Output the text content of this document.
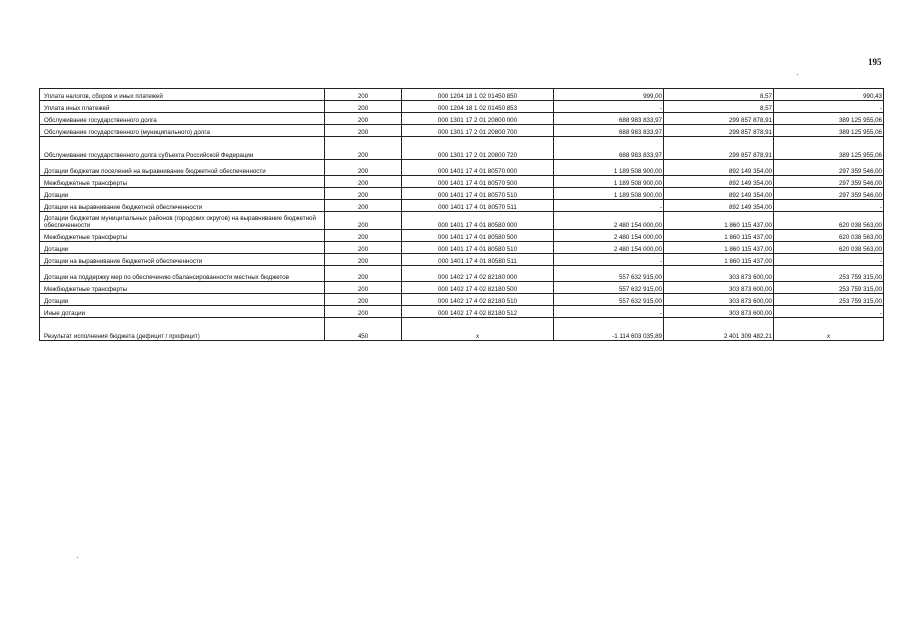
195
Уплата налогов, сборов и иных платежей	200	000 1204 18 1 02 01450 850	999,00	8,57	990,43
Уплата иных платежей	200	000 1204 18 1 02 01450 853	-	8,57	-
Обслуживание государственного долга	200	000 1301 17 2 01 20800 000	688 983 833,97	299 857 878,91	389 125 955,06
Обслуживание государственного (муниципального) долга	200	000 1301 17 2 01 20800 700	688 983 833,97	299 857 878,91	389 125 955,06
Обслуживание государственного долга субъекта Российской Федерации	200	000 1301 17 2 01 20800 720	688 983 833,97	299 857 878,91	389 125 955,06
Дотации бюджетам поселений на выравнивание бюджетной обеспеченности	200	000 1401 17 4 01 80570 000	1 189 508 900,00	892 149 354,00	297 359 546,00
Межбюджетные трансферты	200	000 1401 17 4 01 80570 500	1 189 508 900,00	892 149 354,00	297 359 546,00
Дотации	200	000 1401 17 4 01 80570 510	1 189 508 900,00	892 149 354,00	297 359 546,00
Дотации на выравнивание бюджетной обеспеченности	200	000 1401 17 4 01 80570 511	-	892 149 354,00	-
Дотации бюджетам муниципальных районов (городских округов) на выравнивание бюджетной обеспеченности	200	000 1401 17 4 01 80580 000	2 480 154 000,00	1 860 115 437,00	620 038 563,00
Межбюджетные трансферты	200	000 1401 17 4 01 80580 500	2 480 154 000,00	1 860 115 437,00	620 038 563,00
Дотации	200	000 1401 17 4 01 80580 510	2 480 154 000,00	1 860 115 437,00	620 038 563,00
Дотации на выравнивание бюджетной обеспеченности	200	000 1401 17 4 01 80580 511	-	1 860 115 437,00	-
Дотации на поддержку мер по обеспечению сбалансированности местных бюджетов	200	000 1402 17 4 02 82180 000	557 632 915,00	303 873 600,00	253 759 315,00
Межбюджетные трансферты	200	000 1402 17 4 02 82180 500	557 632 915,00	303 873 600,00	253 759 315,00
Дотации	200	000 1402 17 4 02 82180 510	557 632 915,00	303 873 600,00	253 759 315,00
Иные дотации	200	000 1402 17 4 02 82180 512	-	303 873 600,00	-
Результат исполнения бюджета (дефицит / профицит)	450	x	-1 114 603 035,89	2 401 309 482,21	x
